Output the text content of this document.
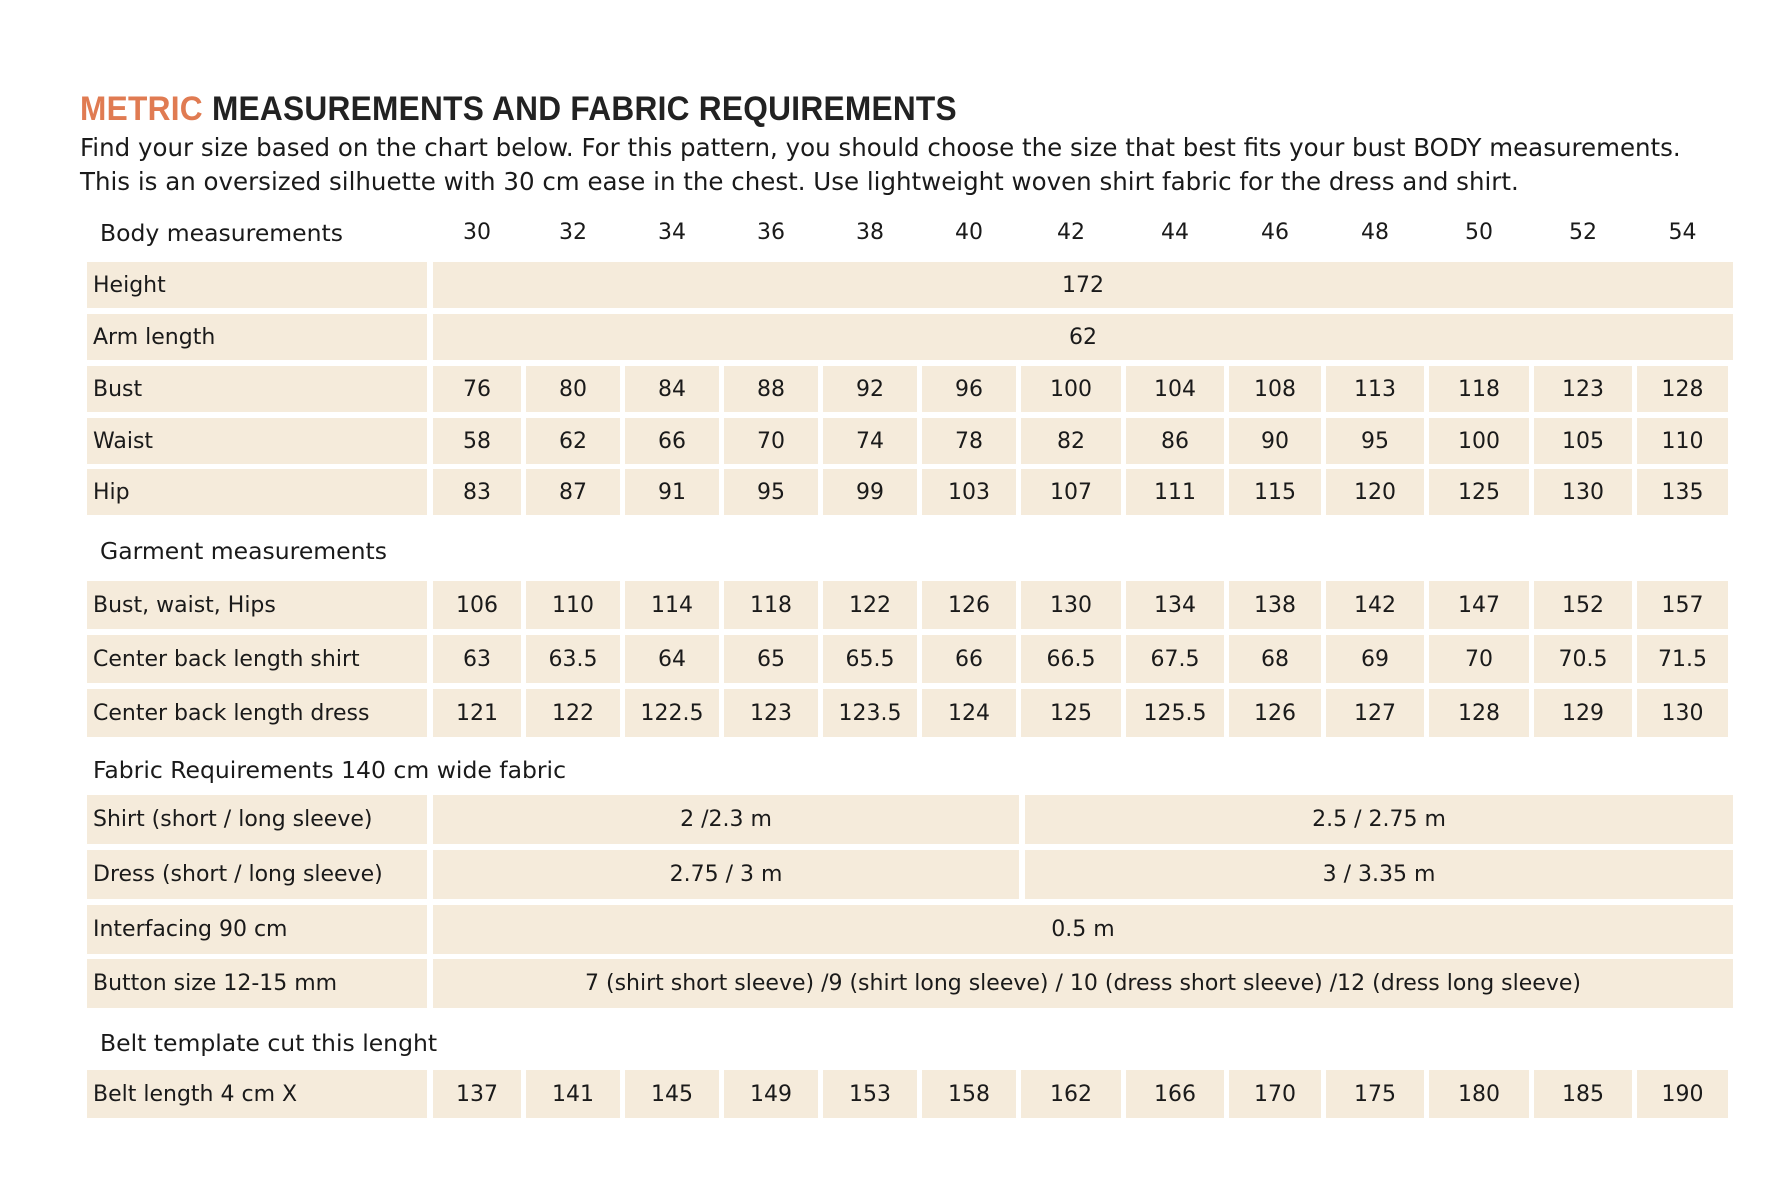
METRIC MEASUREMENTS AND FABRIC REQUIREMENTS

Find your size based on the chart below. For this pattern, you should choose the size that best fits your bust BODY measurements.
This is an oversized silhuette with 30 cm ease in the chest. Use lightweight woven shirt fabric for the dress and shirt.

Body measurements	30	32	34	36	38	40	42	44	46	48	50	52	54
Height	172
Arm length	62
Bust	76	80	84	88	92	96	100	104	108	113	118	123	128
Waist	58	62	66	70	74	78	82	86	90	95	100	105	110
Hip	83	87	91	95	99	103	107	111	115	120	125	130	135
Garment measurements
Bust, waist, Hips	106	110	114	118	122	126	130	134	138	142	147	152	157
Center back length shirt	63	63.5	64	65	65.5	66	66.5	67.5	68	69	70	70.5	71.5
Center back length dress	121	122	122.5	123	123.5	124	125	125.5	126	127	128	129	130
Fabric Requirements 140 cm wide fabric
Shirt (short / long sleeve)	2 /2.3 m	2.5 / 2.75 m
Dress (short / long sleeve)	2.75 / 3 m	3 / 3.35 m
Interfacing 90 cm	0.5 m
Button size 12-15 mm	7 (shirt short sleeve) /9 (shirt long sleeve) / 10 (dress short sleeve) /12 (dress long sleeve)
Belt template cut this lenght
Belt length 4 cm X	137	141	145	149	153	158	162	166	170	175	180	185	190
